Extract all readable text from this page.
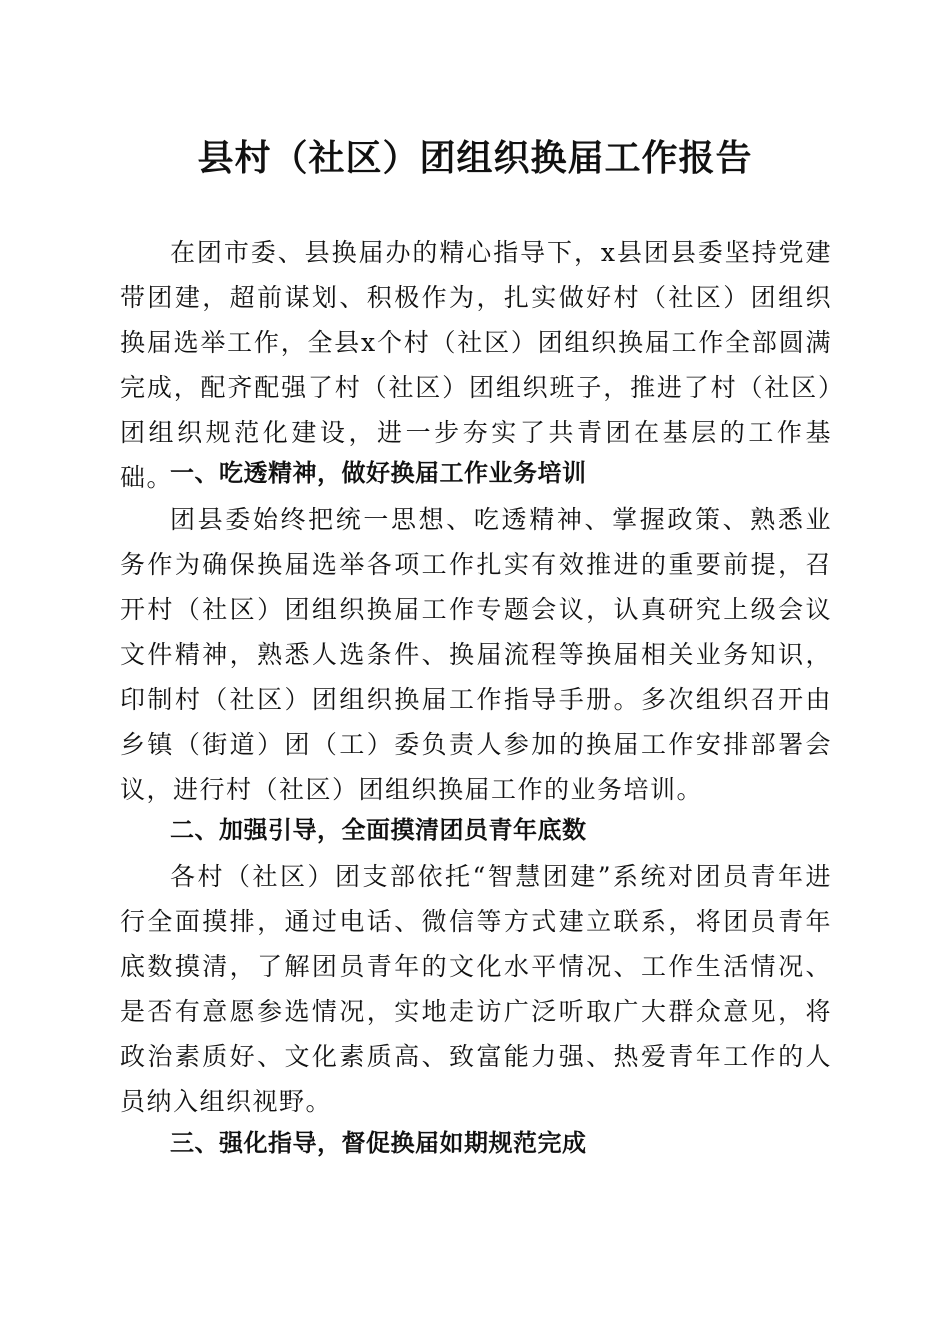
县村（社区）团组织换届工作报告

在团市委、县换届办的精心指导下，x县团县委坚持党建带团建，超前谋划、积极作为，扎实做好村（社区）团组织换届选举工作，全县x个村（社区）团组织换届工作全部圆满完成，配齐配强了村（社区）团组织班子，推进了村（社区）团组织规范化建设，进一步夯实了共青团在基层的工作基础。

一、吃透精神，做好换届工作业务培训

团县委始终把统一思想、吃透精神、掌握政策、熟悉业务作为确保换届选举各项工作扎实有效推进的重要前提，召开村（社区）团组织换届工作专题会议，认真研究上级会议文件精神，熟悉人选条件、换届流程等换届相关业务知识，印制村（社区）团组织换届工作指导手册。多次组织召开由乡镇（街道）团（工）委负责人参加的换届工作安排部署会议，进行村（社区）团组织换届工作的业务培训。

二、加强引导，全面摸清团员青年底数

各村（社区）团支部依托“智慧团建”系统对团员青年进行全面摸排，通过电话、微信等方式建立联系，将团员青年底数摸清，了解团员青年的文化水平情况、工作生活情况、是否有意愿参选情况，实地走访广泛听取广大群众意见，将政治素质好、文化素质高、致富能力强、热爱青年工作的人员纳入组织视野。

三、强化指导，督促换届如期规范完成
